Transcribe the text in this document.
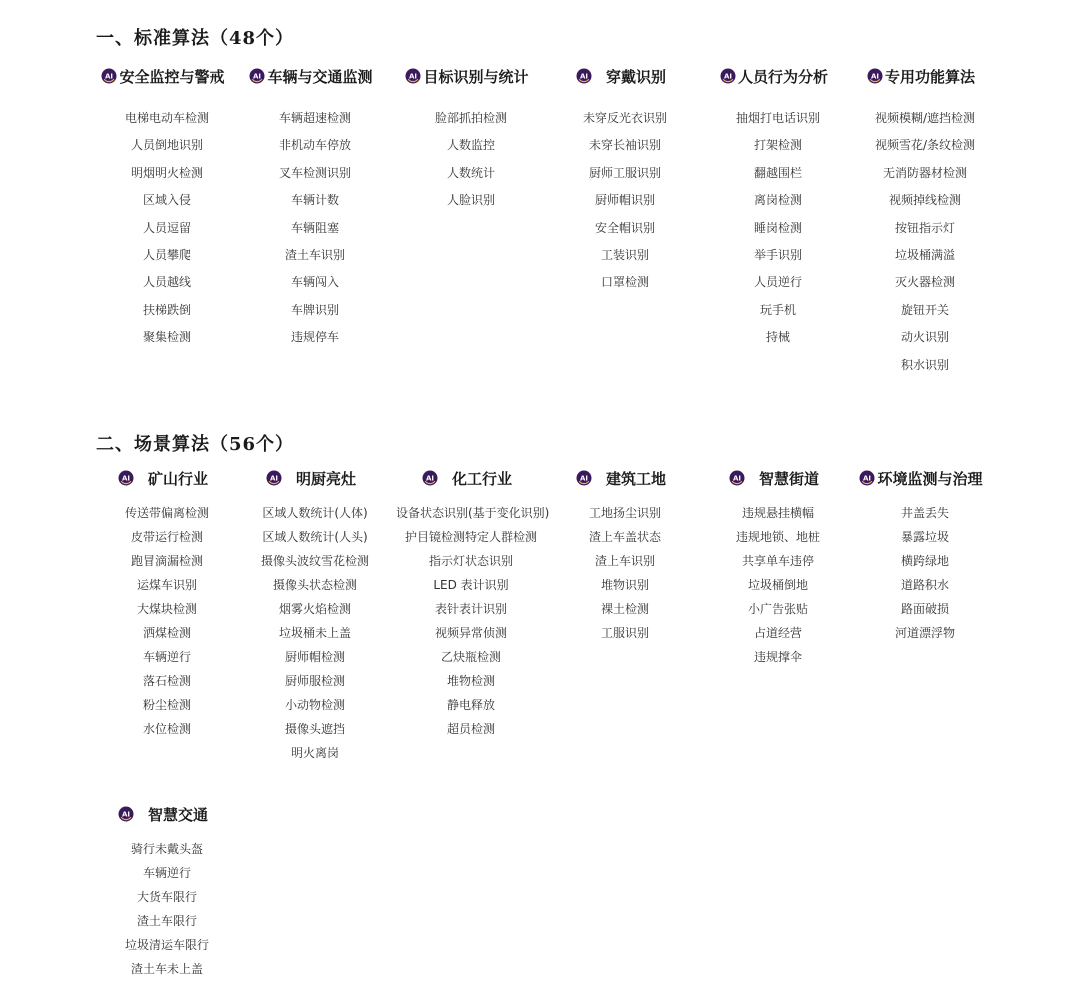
一、标准算法（48个）
安全监控与警戒
电梯电动车检测
人员倒地识别
明烟明火检测
区域入侵
人员逗留
人员攀爬
人员越线
扶梯跌倒
聚集检测
车辆与交通监测
车辆超速检测
非机动车停放
叉车检测识别
车辆计数
车辆阻塞
渣土车识别
车辆闯入
车牌识别
违规停车
目标识别与统计
脸部抓拍检测
人数监控
人数统计
人脸识别
穿戴识别
未穿反光衣识别
未穿长袖识别
厨师工服识别
厨师帽识别
安全帽识别
工装识别
口罩检测
人员行为分析
抽烟打电话识别
打架检测
翻越围栏
离岗检测
睡岗检测
举手识别
人员逆行
玩手机
持械
专用功能算法
视频模糊/遮挡检测
视频雪花/条纹检测
无消防器材检测
视频掉线检测
按钮指示灯
垃圾桶满溢
灭火器检测
旋钮开关
动火识别
积水识别
二、场景算法（56个）
矿山行业
传送带偏离检测
皮带运行检测
跑冒滴漏检测
运煤车识别
大煤块检测
洒煤检测
车辆逆行
落石检测
粉尘检测
水位检测
明厨亮灶
区域人数统计(人体)
区域人数统计(人头)
摄像头波纹雪花检测
摄像头状态检测
烟雾火焰检测
垃圾桶未上盖
厨师帽检测
厨师服检测
小动物检测
摄像头遮挡
明火离岗
化工行业
设备状态识别(基于变化识别)
护目镜检测特定人群检测
指示灯状态识别
LED 表计识别
表针表计识别
视频异常侦测
乙炔瓶检测
堆物检测
静电释放
超员检测
建筑工地
工地扬尘识别
渣上车盖状态
渣上车识别
堆物识别
裸土检测
工服识别
智慧街道
违规悬挂横幅
违规地锁、地桩
共享单车违停
垃圾桶倒地
小广告张贴
占道经营
违规撑伞
环境监测与治理
井盖丢失
暴露垃圾
横跨绿地
道路积水
路面破损
河道漂浮物
智慧交通
骑行未戴头盔
车辆逆行
大货车限行
渣土车限行
垃圾清运车限行
渣土车未上盖
